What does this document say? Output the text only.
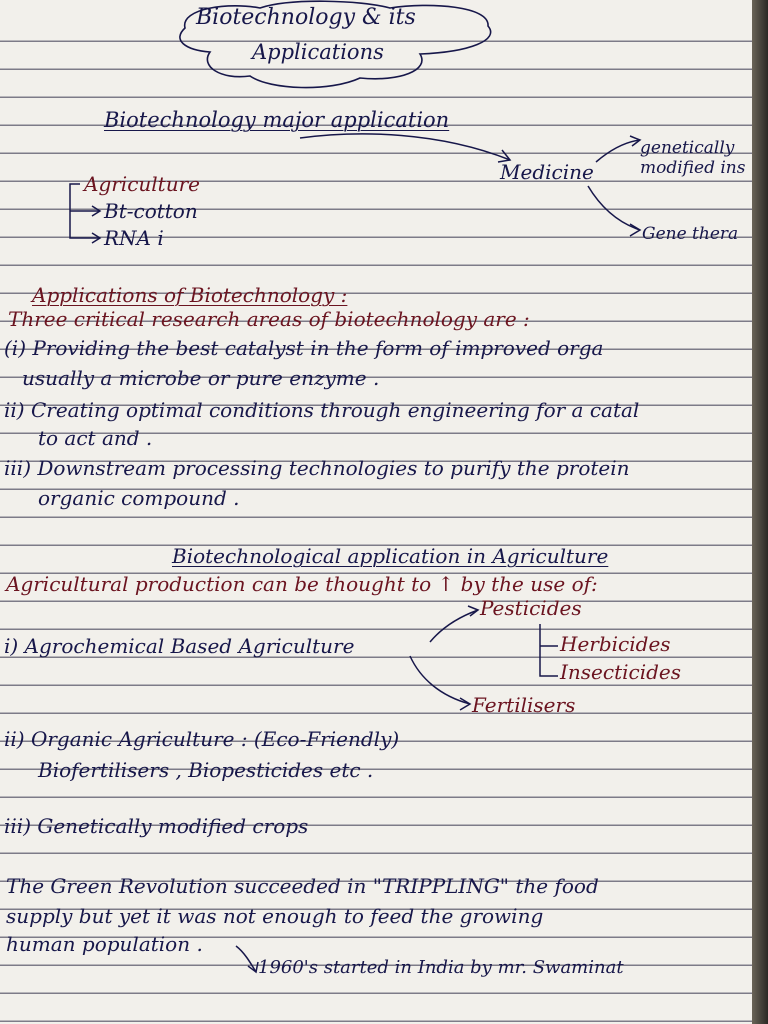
Biotechnology & its
Applications
Biotechnology major application
Medicine
genetically modified ins
Gene thera
Agriculture
Bt-cotton
RNA i
Applications of Biotechnology :
Three critical research areas of biotechnology are :
(i) Providing the best catalyst in the form of improved orga
usually a microbe or pure enzyme .
ii) Creating optimal conditions through engineering for a catal
to act and .
iii) Downstream processing technologies to purify the protein
organic compound .
Biotechnological application in Agriculture
Agricultural production can be thought to ↑ by the use of:
i) Agrochemical Based Agriculture
Pesticides
Herbicides
Insecticides
Fertilisers
ii) Organic Agriculture : (Eco-Friendly)
Biofertilisers , Biopesticides etc .
iii) Genetically modified crops
The Green Revolution succeeded in "TRIPPLING" the food
supply but yet it was not enough to feed the growing
human population .
1960's started in India by mr. Swaminat
